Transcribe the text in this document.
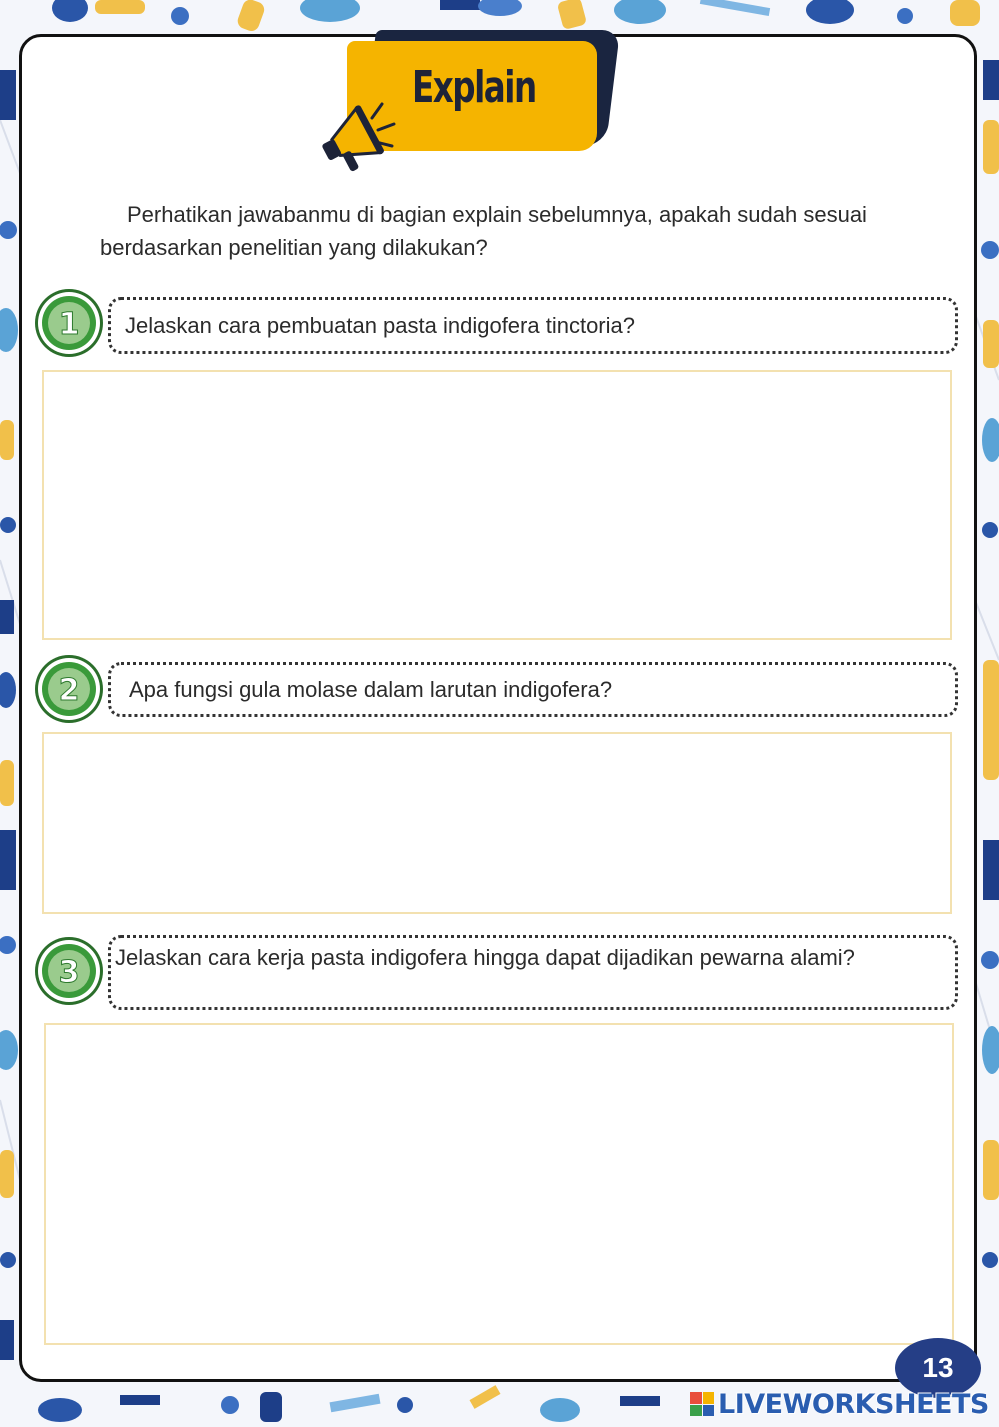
Explain
Perhatikan jawabanmu di bagian explain sebelumnya, apakah sudah sesuai berdasarkan penelitian yang dilakukan?
1	Jelaskan cara pembuatan pasta indigofera tinctoria?
2	Apa fungsi gula molase dalam larutan indigofera?
3	Jelaskan cara kerja pasta indigofera hingga dapat dijadikan pewarna alami?
13
LIVEWORKSHEETS
